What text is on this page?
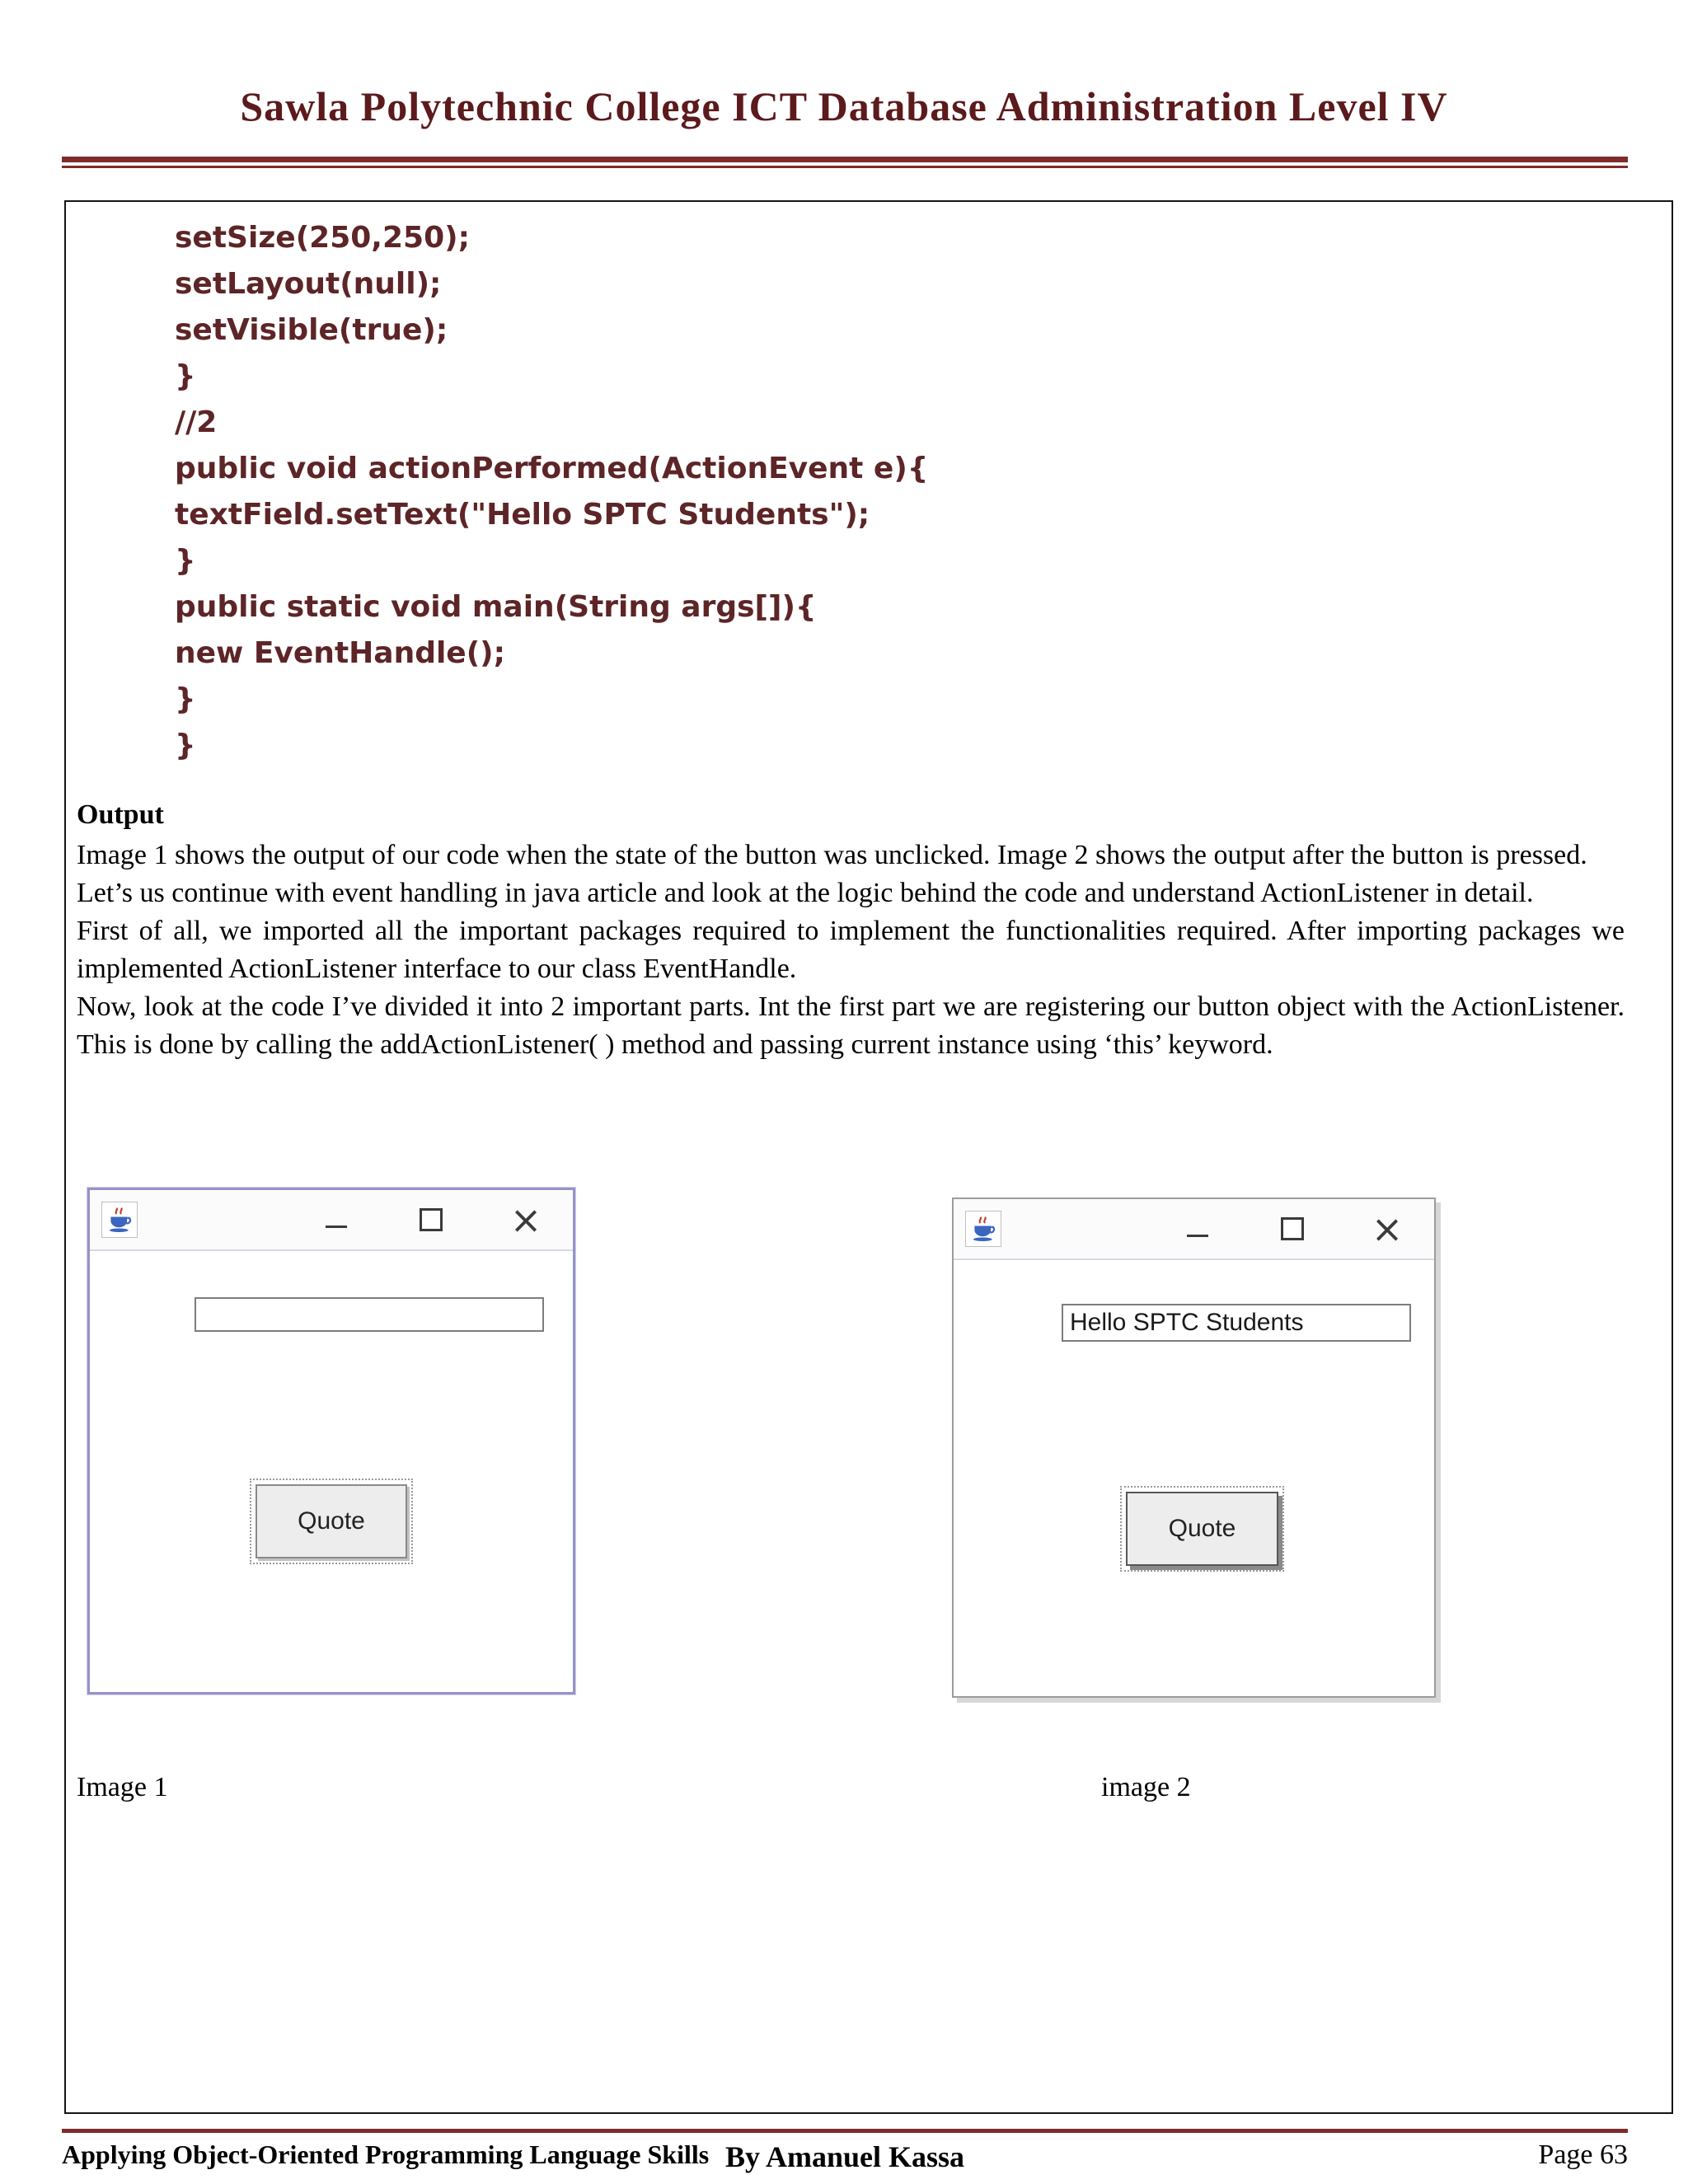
Sawla Polytechnic College ICT Database Administration Level IV
setSize(250,250);
setLayout(null);
setVisible(true);
}
//2
public void actionPerformed(ActionEvent e){
textField.setText("Hello SPTC Students");
}
public static void main(String args[]){
new EventHandle();
}
}
Output

Image 1 shows the output of our code when the state of the button was unclicked. Image 2 shows the output after the button is pressed.

Let’s us continue with event handling in java article and look at the logic behind the code and understand ActionListener in detail.

First of all, we imported all the important packages required to implement the functionalities required. After importing packages we implemented ActionListener interface to our class EventHandle.

Now, look at the code I’ve divided it into 2 important parts. Int the first part we are registering our button object with the ActionListener. This is done by calling the addActionListener( ) method and passing current instance using ‘this’ keyword.

×
Quote
×
Hello SPTC Students
Quote
Image 1	image 2
Applying Object-Oriented Programming Language Skills By Amanuel Kassa	Page 63
